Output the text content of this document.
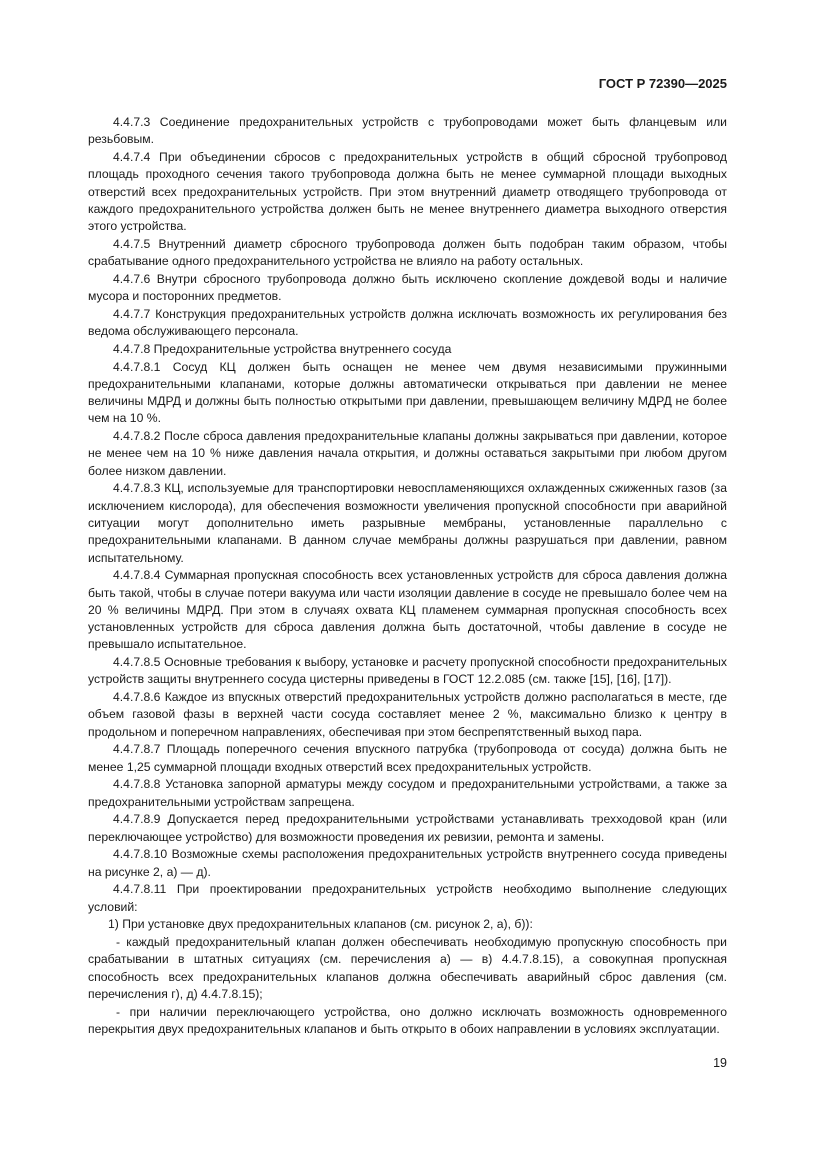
ГОСТ Р 72390—2025

4.4.7.3 Соединение предохранительных устройств с трубопроводами может быть фланцевым или резьбовым.

4.4.7.4 При объединении сбросов с предохранительных устройств в общий сбросной трубопровод площадь проходного сечения такого трубопровода должна быть не менее суммарной площади выходных отверстий всех предохранительных устройств. При этом внутренний диаметр отводящего трубопровода от каждого предохранительного устройства должен быть не менее внутреннего диаметра выходного отверстия этого устройства.

4.4.7.5 Внутренний диаметр сбросного трубопровода должен быть подобран таким образом, чтобы срабатывание одного предохранительного устройства не влияло на работу остальных.

4.4.7.6 Внутри сбросного трубопровода должно быть исключено скопление дождевой воды и наличие мусора и посторонних предметов.

4.4.7.7 Конструкция предохранительных устройств должна исключать возможность их регулирования без ведома обслуживающего персонала.

4.4.7.8 Предохранительные устройства внутреннего сосуда

4.4.7.8.1 Сосуд КЦ должен быть оснащен не менее чем двумя независимыми пружинными предохранительными клапанами, которые должны автоматически открываться при давлении не менее величины МДРД и должны быть полностью открытыми при давлении, превышающем величину МДРД не более чем на 10 %.

4.4.7.8.2 После сброса давления предохранительные клапаны должны закрываться при давлении, которое не менее чем на 10 % ниже давления начала открытия, и должны оставаться закрытыми при любом другом более низком давлении.

4.4.7.8.3 КЦ, используемые для транспортировки невоспламеняющихся охлажденных сжиженных газов (за исключением кислорода), для обеспечения возможности увеличения пропускной способности при аварийной ситуации могут дополнительно иметь разрывные мембраны, установленные параллельно с предохранительными клапанами. В данном случае мембраны должны разрушаться при давлении, равном испытательному.

4.4.7.8.4 Суммарная пропускная способность всех установленных устройств для сброса давления должна быть такой, чтобы в случае потери вакуума или части изоляции давление в сосуде не превышало более чем на 20 % величины МДРД. При этом в случаях охвата КЦ пламенем суммарная пропускная способность всех установленных устройств для сброса давления должна быть достаточной, чтобы давление в сосуде не превышало испытательное.

4.4.7.8.5 Основные требования к выбору, установке и расчету пропускной способности предохранительных устройств защиты внутреннего сосуда цистерны приведены в ГОСТ 12.2.085 (см. также [15], [16], [17]).

4.4.7.8.6 Каждое из впускных отверстий предохранительных устройств должно располагаться в месте, где объем газовой фазы в верхней части сосуда составляет менее 2 %, максимально близко к центру в продольном и поперечном направлениях, обеспечивая при этом беспрепятственный выход пара.

4.4.7.8.7 Площадь поперечного сечения впускного патрубка (трубопровода от сосуда) должна быть не менее 1,25 суммарной площади входных отверстий всех предохранительных устройств.

4.4.7.8.8 Установка запорной арматуры между сосудом и предохранительными устройствами, а также за предохранительными устройствам запрещена.

4.4.7.8.9 Допускается перед предохранительными устройствами устанавливать трехходовой кран (или переключающее устройство) для возможности проведения их ревизии, ремонта и замены.

4.4.7.8.10 Возможные схемы расположения предохранительных устройств внутреннего сосуда приведены на рисунке 2, а) — д).

4.4.7.8.11 При проектировании предохранительных устройств необходимо выполнение следующих условий:

1) При установке двух предохранительных клапанов (см. рисунок 2, а), б)):

- каждый предохранительный клапан должен обеспечивать необходимую пропускную способность при срабатывании в штатных ситуациях (см. перечисления а) — в) 4.4.7.8.15), а совокупная пропускная способность всех предохранительных клапанов должна обеспечивать аварийный сброс давления (см. перечисления г), д) 4.4.7.8.15);

- при наличии переключающего устройства, оно должно исключать возможность одновременного перекрытия двух предохранительных клапанов и быть открыто в обоих направлении в условиях эксплуатации.

19
